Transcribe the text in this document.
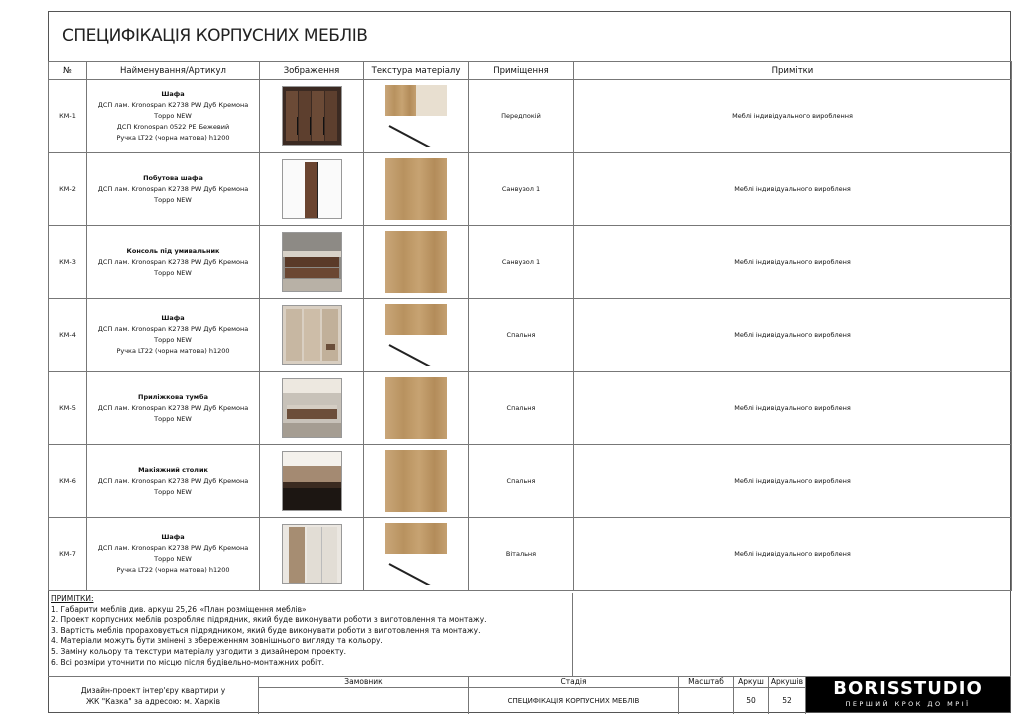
СПЕЦИФІКАЦІЯ КОРПУСНИХ МЕБЛІВ
№	Найменування/Артикул	Зображення	Текстура матеріалу	Приміщення	Примітки
КМ-1	Шафа
ДСП лам. Kronospan K2738 PW Дуб Кремона
Торро NEW
ДСП Kronospan 0522 PE Бежевий
Ручка LT22 (чорна матова) h1200			Передпокій	Меблі індивідуального вироблення
КМ-2	Побутова шафа
ДСП лам. Kronospan K2738 PW Дуб Кремона
Торро NEW			Санвузол 1	Меблі індивідуального виробленя
КМ-3	Консоль під умивальник
ДСП лам. Kronospan K2738 PW Дуб Кремона
Торро NEW			Санвузол 1	Меблі індивідуального виробленя
КМ-4	Шафа
ДСП лам. Kronospan K2738 PW Дуб Кремона
Торро NEW
Ручка LT22 (чорна матова) h1200			Спальня	Меблі індивідуального виробленя
КМ-5	Приліжкова тумба
ДСП лам. Kronospan K2738 PW Дуб Кремона
Торро NEW			Спальня	Меблі індивідуального виробленя
КМ-6	Макіяжний столик
ДСП лам. Kronospan K2738 PW Дуб Кремона
Торро NEW			Спальня	Меблі індивідуального виробленя
КМ-7	Шафа
ДСП лам. Kronospan K2738 PW Дуб Кремона
Торро NEW
Ручка LT22 (чорна матова) h1200			Вітальня	Меблі індивідуального виробленя
ПРИМІТКИ:
1. Габарити меблів див. аркуш 25,26 «План розміщення меблів»
2. Проект корпусних меблів розробляє підрядник, який буде виконувати роботи з виготовлення та монтажу.
3. Вартість меблів прораховується підрядником, який буде виконувати роботи з виготовлення та монтажу.
4. Матеріали можуть бути змінені з збереженням зовнішнього вигляду та кольору.
5. Заміну кольору та текстури матеріалу узгодити з дизайнером проекту.
6. Всі розміри уточнити по місцю після будівельно-монтажних робіт.
Дизайн-проект інтер'єру квартири у
ЖК "Казка" за адресою: м. Харків
Замовник	Стадія
СПЕЦИФІКАЦІЯ КОРПУСНИХ МЕБЛІВ
Масштаб	Аркуш
50
Аркушів
52
BORISSTUDIO
ПЕРШИЙ КРОК ДО МРІЇ
